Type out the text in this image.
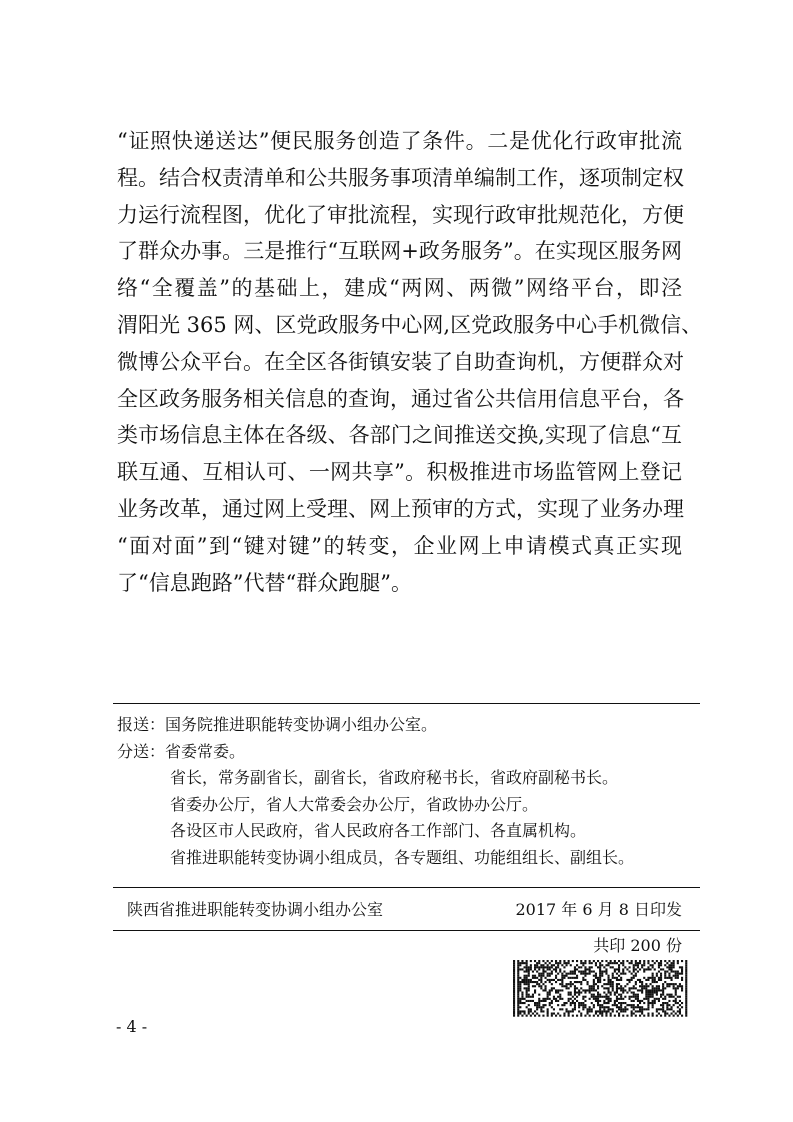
“证照快递送达”便民服务创造了条件。二是优化行政审批流
程。结合权责清单和公共服务事项清单编制工作，逐项制定权
力运行流程图，优化了审批流程，实现行政审批规范化，方便
了群众办事。三是推行“互联网+政务服务”。在实现区服务网
络“全覆盖”的基础上，建成“两网、两微”网络平台，即泾
渭阳光 365 网、区党政服务中心网,区党政服务中心手机微信、
微博公众平台。在全区各街镇安装了自助查询机，方便群众对
全区政务服务相关信息的查询，通过省公共信用信息平台，各
类市场信息主体在各级、各部门之间推送交换,实现了信息“互
联互通、互相认可、一网共享”。积极推进市场监管网上登记
业务改革，通过网上受理、网上预审的方式，实现了业务办理
“面对面”到“键对键”的转变，企业网上申请模式真正实现
了“信息跑路”代替“群众跑腿”。
报送：国务院推进职能转变协调小组办公室。
分送：省委常委。
省长，常务副省长，副省长，省政府秘书长，省政府副秘书长。
省委办公厅，省人大常委会办公厅，省政协办公厅。
各设区市人民政府，省人民政府各工作部门、各直属机构。
省推进职能转变协调小组成员，各专题组、功能组组长、副组长。
陕西省推进职能转变协调小组办公室	2017 年 6 月 8 日印发
共印 200 份
- 4 -
